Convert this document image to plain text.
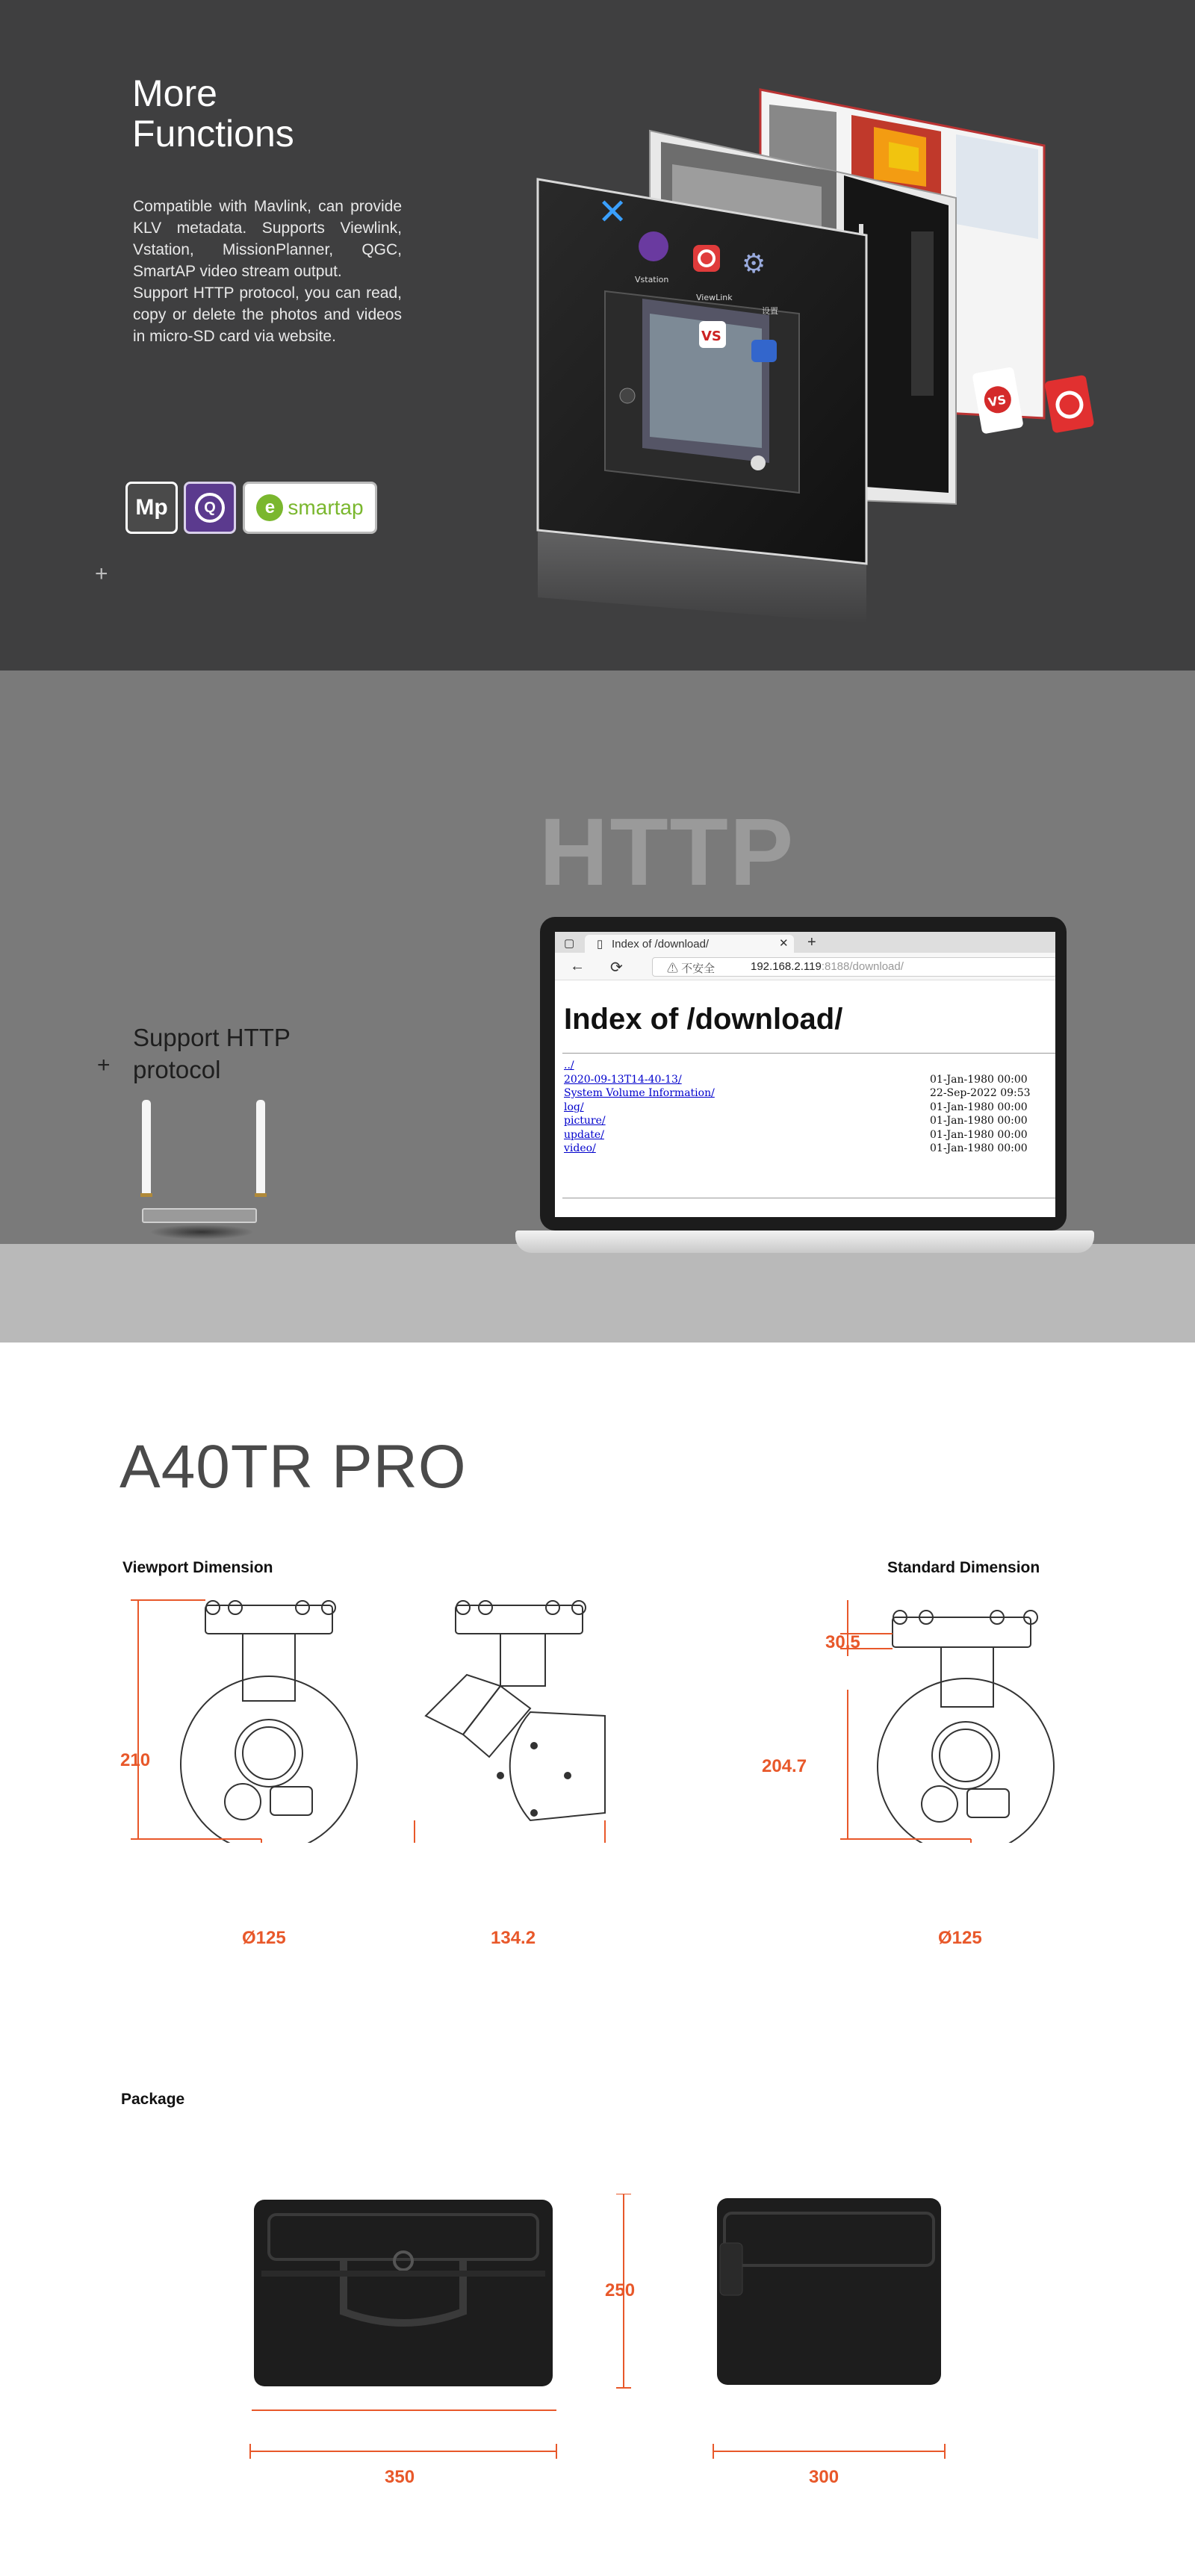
More
Functions

Compatible with Mavlink, can provide KLV metadata. Supports Viewlink, Vstation, MissionPlanner, QGC, SmartAP video stream output.

Support HTTP protocol, you can read, copy or delete the photos and videos in micro-SD card via website.

Mp	Q	e smartap
+
✕
⚙
VS
ViewLink
Vstation
设置
VS
HTTP
Support HTTP
protocol
+
▢ ▯ Index of /download/	✕ +
← ⟳	⚠ 不安全	192.168.2.119:8188/download/
Index of /download/
../
2020-09-13T14-40-13/	01-Jan-1980 00:00
System Volume Information/	22-Sep-2022 09:53
log/	01-Jan-1980 00:00
picture/	01-Jan-1980 00:00
update/	01-Jan-1980 00:00
video/	01-Jan-1980 00:00
A40TR PRO
Viewport Dimension	Standard Dimension
210
Ø125	134.2
30.5
204.7
Ø125
Package
250
350	300
